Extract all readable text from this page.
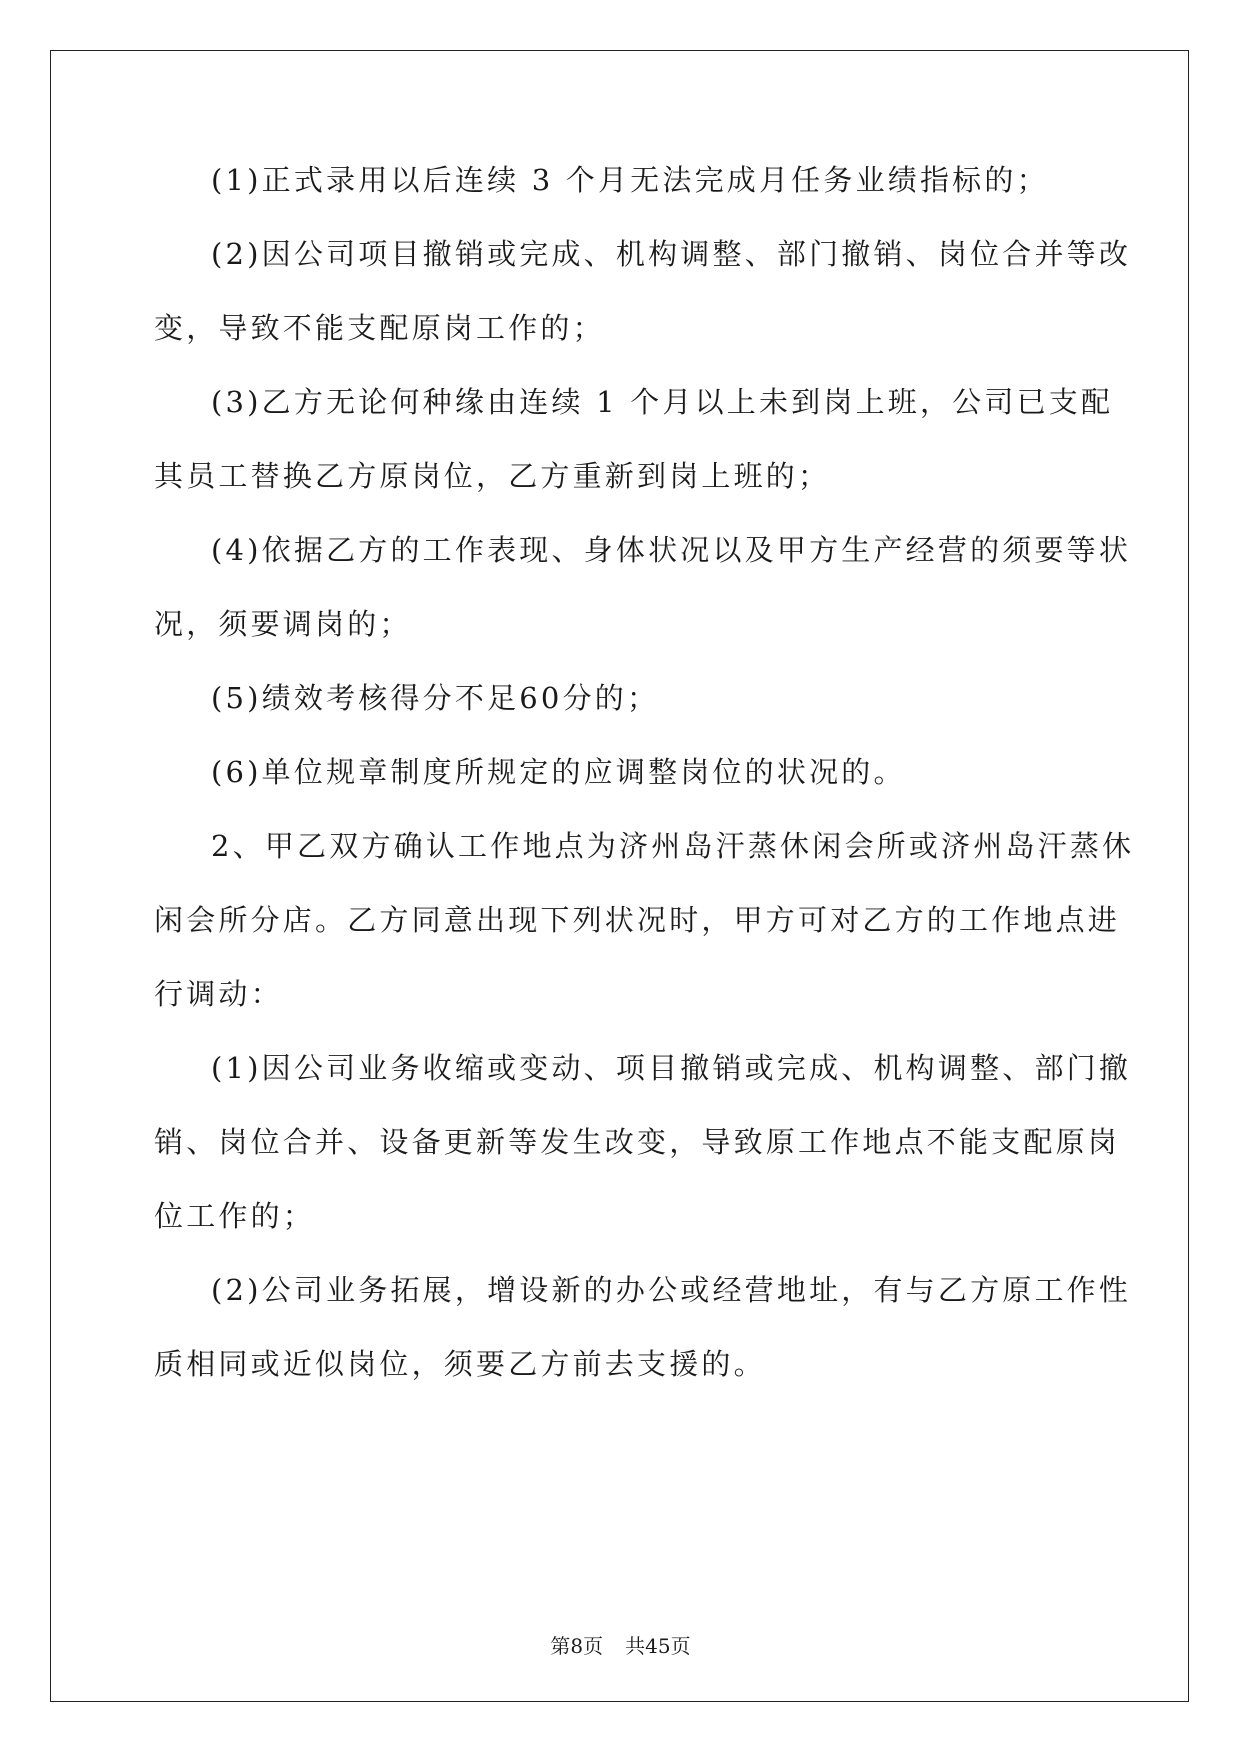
(1)正式录用以后连续 3 个月无法完成月任务业绩指标的；
(2)因公司项目撤销或完成、机构调整、部门撤销、岗位合并等改
变，导致不能支配原岗工作的；
(3)乙方无论何种缘由连续 1 个月以上未到岗上班，公司已支配
其员工替换乙方原岗位，乙方重新到岗上班的；
(4)依据乙方的工作表现、身体状况以及甲方生产经营的须要等状
况，须要调岗的；
(5)绩效考核得分不足60分的；
(6)单位规章制度所规定的应调整岗位的状况的。
2、甲乙双方确认工作地点为济州岛汗蒸休闲会所或济州岛汗蒸休
闲会所分店。乙方同意出现下列状况时，甲方可对乙方的工作地点进
行调动：
(1)因公司业务收缩或变动、项目撤销或完成、机构调整、部门撤
销、岗位合并、设备更新等发生改变，导致原工作地点不能支配原岗
位工作的；
(2)公司业务拓展，增设新的办公或经营地址，有与乙方原工作性
质相同或近似岗位，须要乙方前去支援的。
第8页 共45页
